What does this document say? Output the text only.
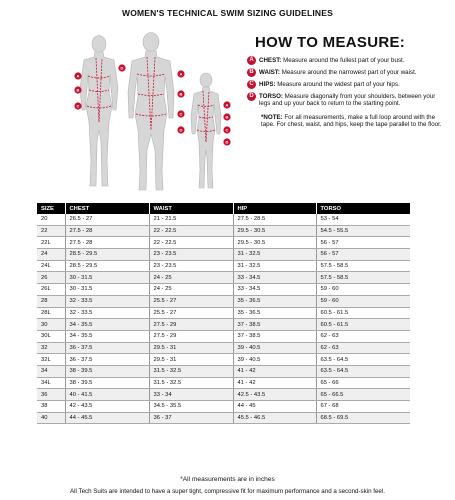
WOMEN'S TECHNICAL SWIM SIZING GUIDELINES
A
B
C
D
A
B
C
D
A
B
C
D
HOW TO MEASURE:
A CHEST: Measure around the fullest part of your bust.
B WAIST: Measure around the narrowest part of your waist.
C HIPS: Measure around the widest part of your hips.
D TORSO: Measure diagonally from your shoulders, between your legs and up your back to return to the starting point.
*NOTE: For all measurements, make a full loop around with the tape. For chest, waist, and hips, keep the tape parallel to the floor.
SIZE	CHEST	WAIST	HIP	TORSO
20	26.5 - 27	21 - 21.5	27.5 - 28.5	53 - 54
22	27.5 - 28	22 - 22.5	29.5 - 30.5	54.5 - 55.5
22L	27.5 - 28	22 - 22.5	29.5 - 30.5	56 - 57
24	28.5 - 29.5	23 - 23.5	31 - 32.5	56 - 57
24L	28.5 - 29.5	23 - 23.5	31 - 32.5	57.5 - 58.5
26	30 - 31.5	24 - 25	33 - 34.5	57.5 - 58.5
26L	30 - 31.5	24 - 25	33 - 34.5	59 - 60
28	32 - 33.5	25.5 - 27	35 - 36.5	59 - 60
28L	32 - 33.5	25.5 - 27	35 - 36.5	60.5 - 61.5
30	34 - 35.5	27.5 - 29	37 - 38.5	60.5 - 61.5
30L	34 - 35.5	27.5 - 29	37 - 38.5	62 - 63
32	36 - 37.5	29.5 - 31	39 - 40.5	62 - 63
32L	36 - 37.5	29.5 - 31	39 - 40.5	63.5 - 64.5
34	38 - 39.5	31.5 - 32.5	41 - 42	63.5 - 64.5
34L	38 - 39.5	31.5 - 32.5	41 - 42	65 - 66
36	40 - 41.5	33 - 34	42.5 - 43.5	65 - 66.5
38	42 - 43.5	34.5 - 35.5	44 - 45	67 - 68
40	44 - 45.5	36 - 37	45.5 - 46.5	68.5 - 69.5
*All measurements are in inches
All Tech Suits are intended to have a super tight, compressive fit for maximum performance and a second-skin feel.
